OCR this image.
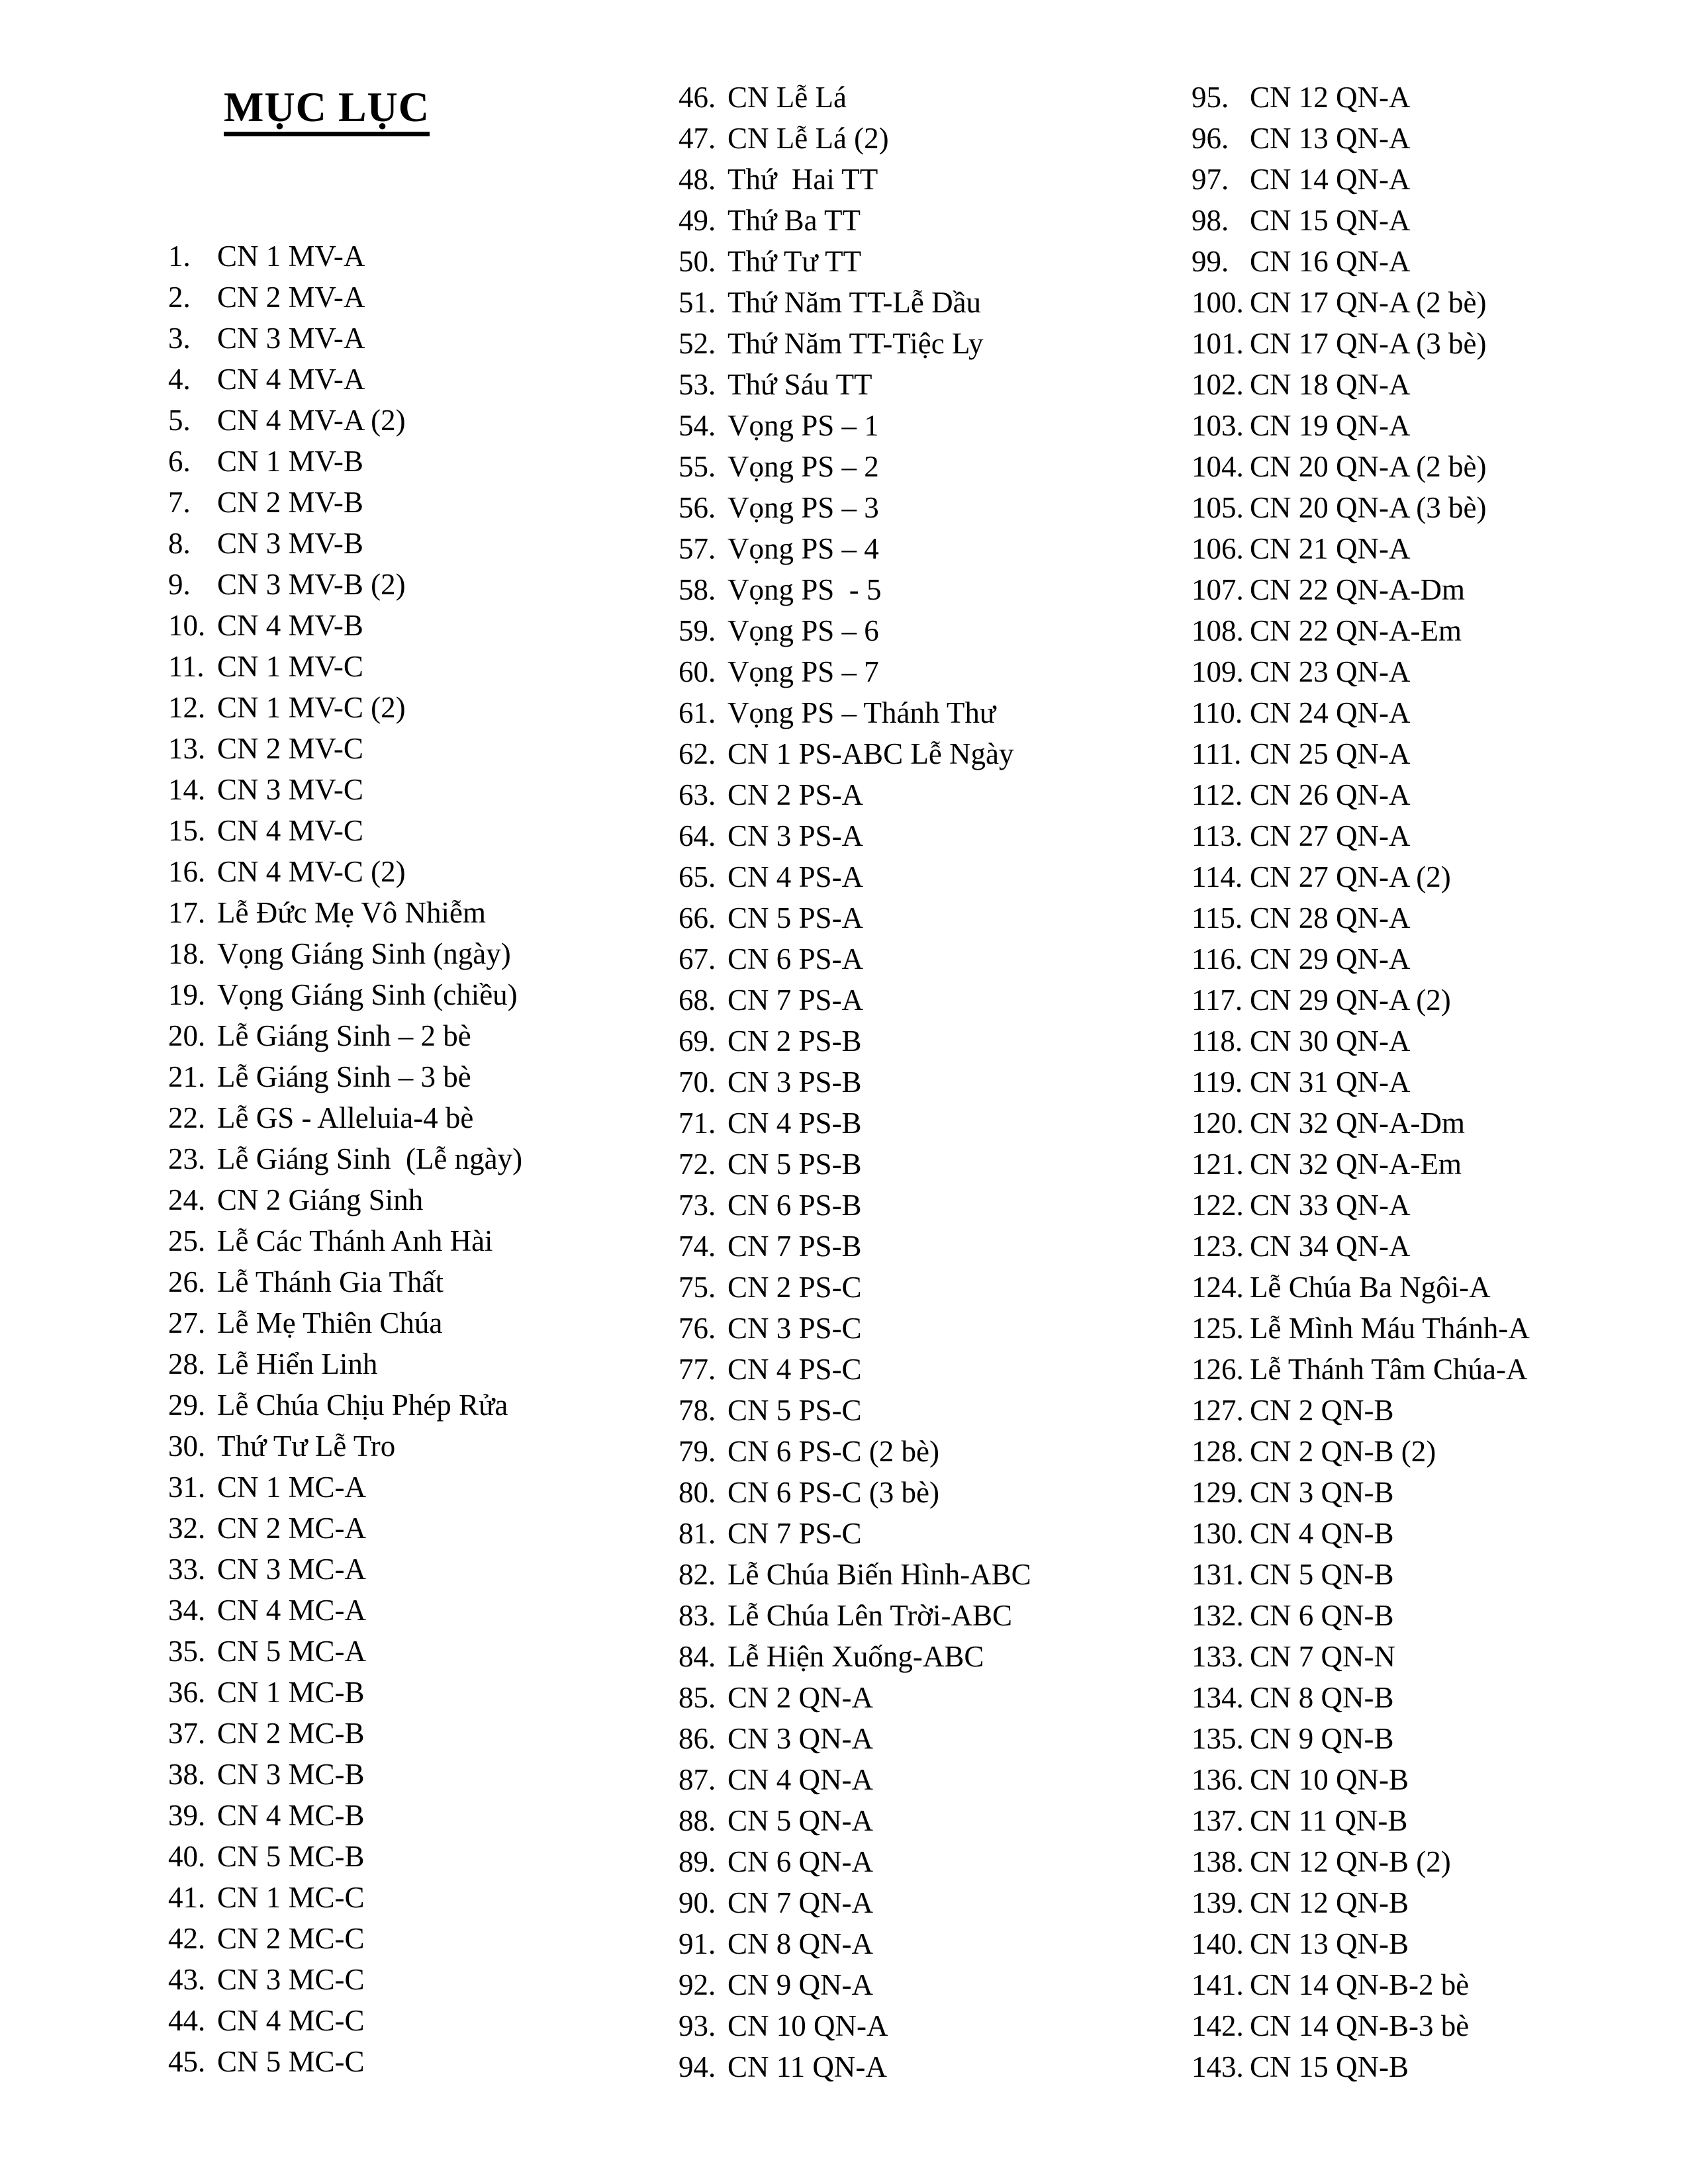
MỤC LỤC
1. CN 1 MV-A
2. CN 2 MV-A
3. CN 3 MV-A
4. CN 4 MV-A
5. CN 4 MV-A (2)
6. CN 1 MV-B
7. CN 2 MV-B
8. CN 3 MV-B
9. CN 3 MV-B (2)
10. CN 4 MV-B
11. CN 1 MV-C
12. CN 1 MV-C (2)
13. CN 2 MV-C
14. CN 3 MV-C
15. CN 4 MV-C
16. CN 4 MV-C (2)
17. Lễ Đức Mẹ Vô Nhiễm
18. Vọng Giáng Sinh (ngày)
19. Vọng Giáng Sinh (chiều)
20. Lễ Giáng Sinh – 2 bè
21. Lễ Giáng Sinh – 3 bè
22. Lễ GS - Alleluia-4 bè
23. Lễ Giáng Sinh  (Lễ ngày)
24. CN 2 Giáng Sinh
25. Lễ Các Thánh Anh Hài
26. Lễ Thánh Gia Thất
27. Lễ Mẹ Thiên Chúa
28. Lễ Hiển Linh
29. Lễ Chúa Chịu Phép Rửa
30. Thứ Tư Lễ Tro
31. CN 1 MC-A
32. CN 2 MC-A
33. CN 3 MC-A
34. CN 4 MC-A
35. CN 5 MC-A
36. CN 1 MC-B
37. CN 2 MC-B
38. CN 3 MC-B
39. CN 4 MC-B
40. CN 5 MC-B
41. CN 1 MC-C
42. CN 2 MC-C
43. CN 3 MC-C
44. CN 4 MC-C
45. CN 5 MC-C
46. CN Lễ Lá
47. CN Lễ Lá (2)
48. Thứ  Hai TT
49. Thứ Ba TT
50. Thứ Tư TT
51. Thứ Năm TT-Lễ Dầu
52. Thứ Năm TT-Tiệc Ly
53. Thứ Sáu TT
54. Vọng PS – 1
55. Vọng PS – 2
56. Vọng PS – 3
57. Vọng PS – 4
58. Vọng PS  - 5
59. Vọng PS – 6
60. Vọng PS – 7
61. Vọng PS – Thánh Thư
62. CN 1 PS-ABC Lễ Ngày
63. CN 2 PS-A
64. CN 3 PS-A
65. CN 4 PS-A
66. CN 5 PS-A
67. CN 6 PS-A
68. CN 7 PS-A
69. CN 2 PS-B
70. CN 3 PS-B
71. CN 4 PS-B
72. CN 5 PS-B
73. CN 6 PS-B
74. CN 7 PS-B
75. CN 2 PS-C
76. CN 3 PS-C
77. CN 4 PS-C
78. CN 5 PS-C
79. CN 6 PS-C (2 bè)
80. CN 6 PS-C (3 bè)
81. CN 7 PS-C
82. Lễ Chúa Biến Hình-ABC
83. Lễ Chúa Lên Trời-ABC
84. Lễ Hiện Xuống-ABC
85. CN 2 QN-A
86. CN 3 QN-A
87. CN 4 QN-A
88. CN 5 QN-A
89. CN 6 QN-A
90. CN 7 QN-A
91. CN 8 QN-A
92. CN 9 QN-A
93. CN 10 QN-A
94. CN 11 QN-A
95. CN 12 QN-A
96. CN 13 QN-A
97. CN 14 QN-A
98. CN 15 QN-A
99. CN 16 QN-A
100. CN 17 QN-A (2 bè)
101. CN 17 QN-A (3 bè)
102. CN 18 QN-A
103. CN 19 QN-A
104. CN 20 QN-A (2 bè)
105. CN 20 QN-A (3 bè)
106. CN 21 QN-A
107. CN 22 QN-A-Dm
108. CN 22 QN-A-Em
109. CN 23 QN-A
110. CN 24 QN-A
111. CN 25 QN-A
112. CN 26 QN-A
113. CN 27 QN-A
114. CN 27 QN-A (2)
115. CN 28 QN-A
116. CN 29 QN-A
117. CN 29 QN-A (2)
118. CN 30 QN-A
119. CN 31 QN-A
120. CN 32 QN-A-Dm
121. CN 32 QN-A-Em
122. CN 33 QN-A
123. CN 34 QN-A
124. Lễ Chúa Ba Ngôi-A
125. Lễ Mình Máu Thánh-A
126. Lễ Thánh Tâm Chúa-A
127. CN 2 QN-B
128. CN 2 QN-B (2)
129. CN 3 QN-B
130. CN 4 QN-B
131. CN 5 QN-B
132. CN 6 QN-B
133. CN 7 QN-N
134. CN 8 QN-B
135. CN 9 QN-B
136. CN 10 QN-B
137. CN 11 QN-B
138. CN 12 QN-B (2)
139. CN 12 QN-B
140. CN 13 QN-B
141. CN 14 QN-B-2 bè
142. CN 14 QN-B-3 bè
143. CN 15 QN-B
